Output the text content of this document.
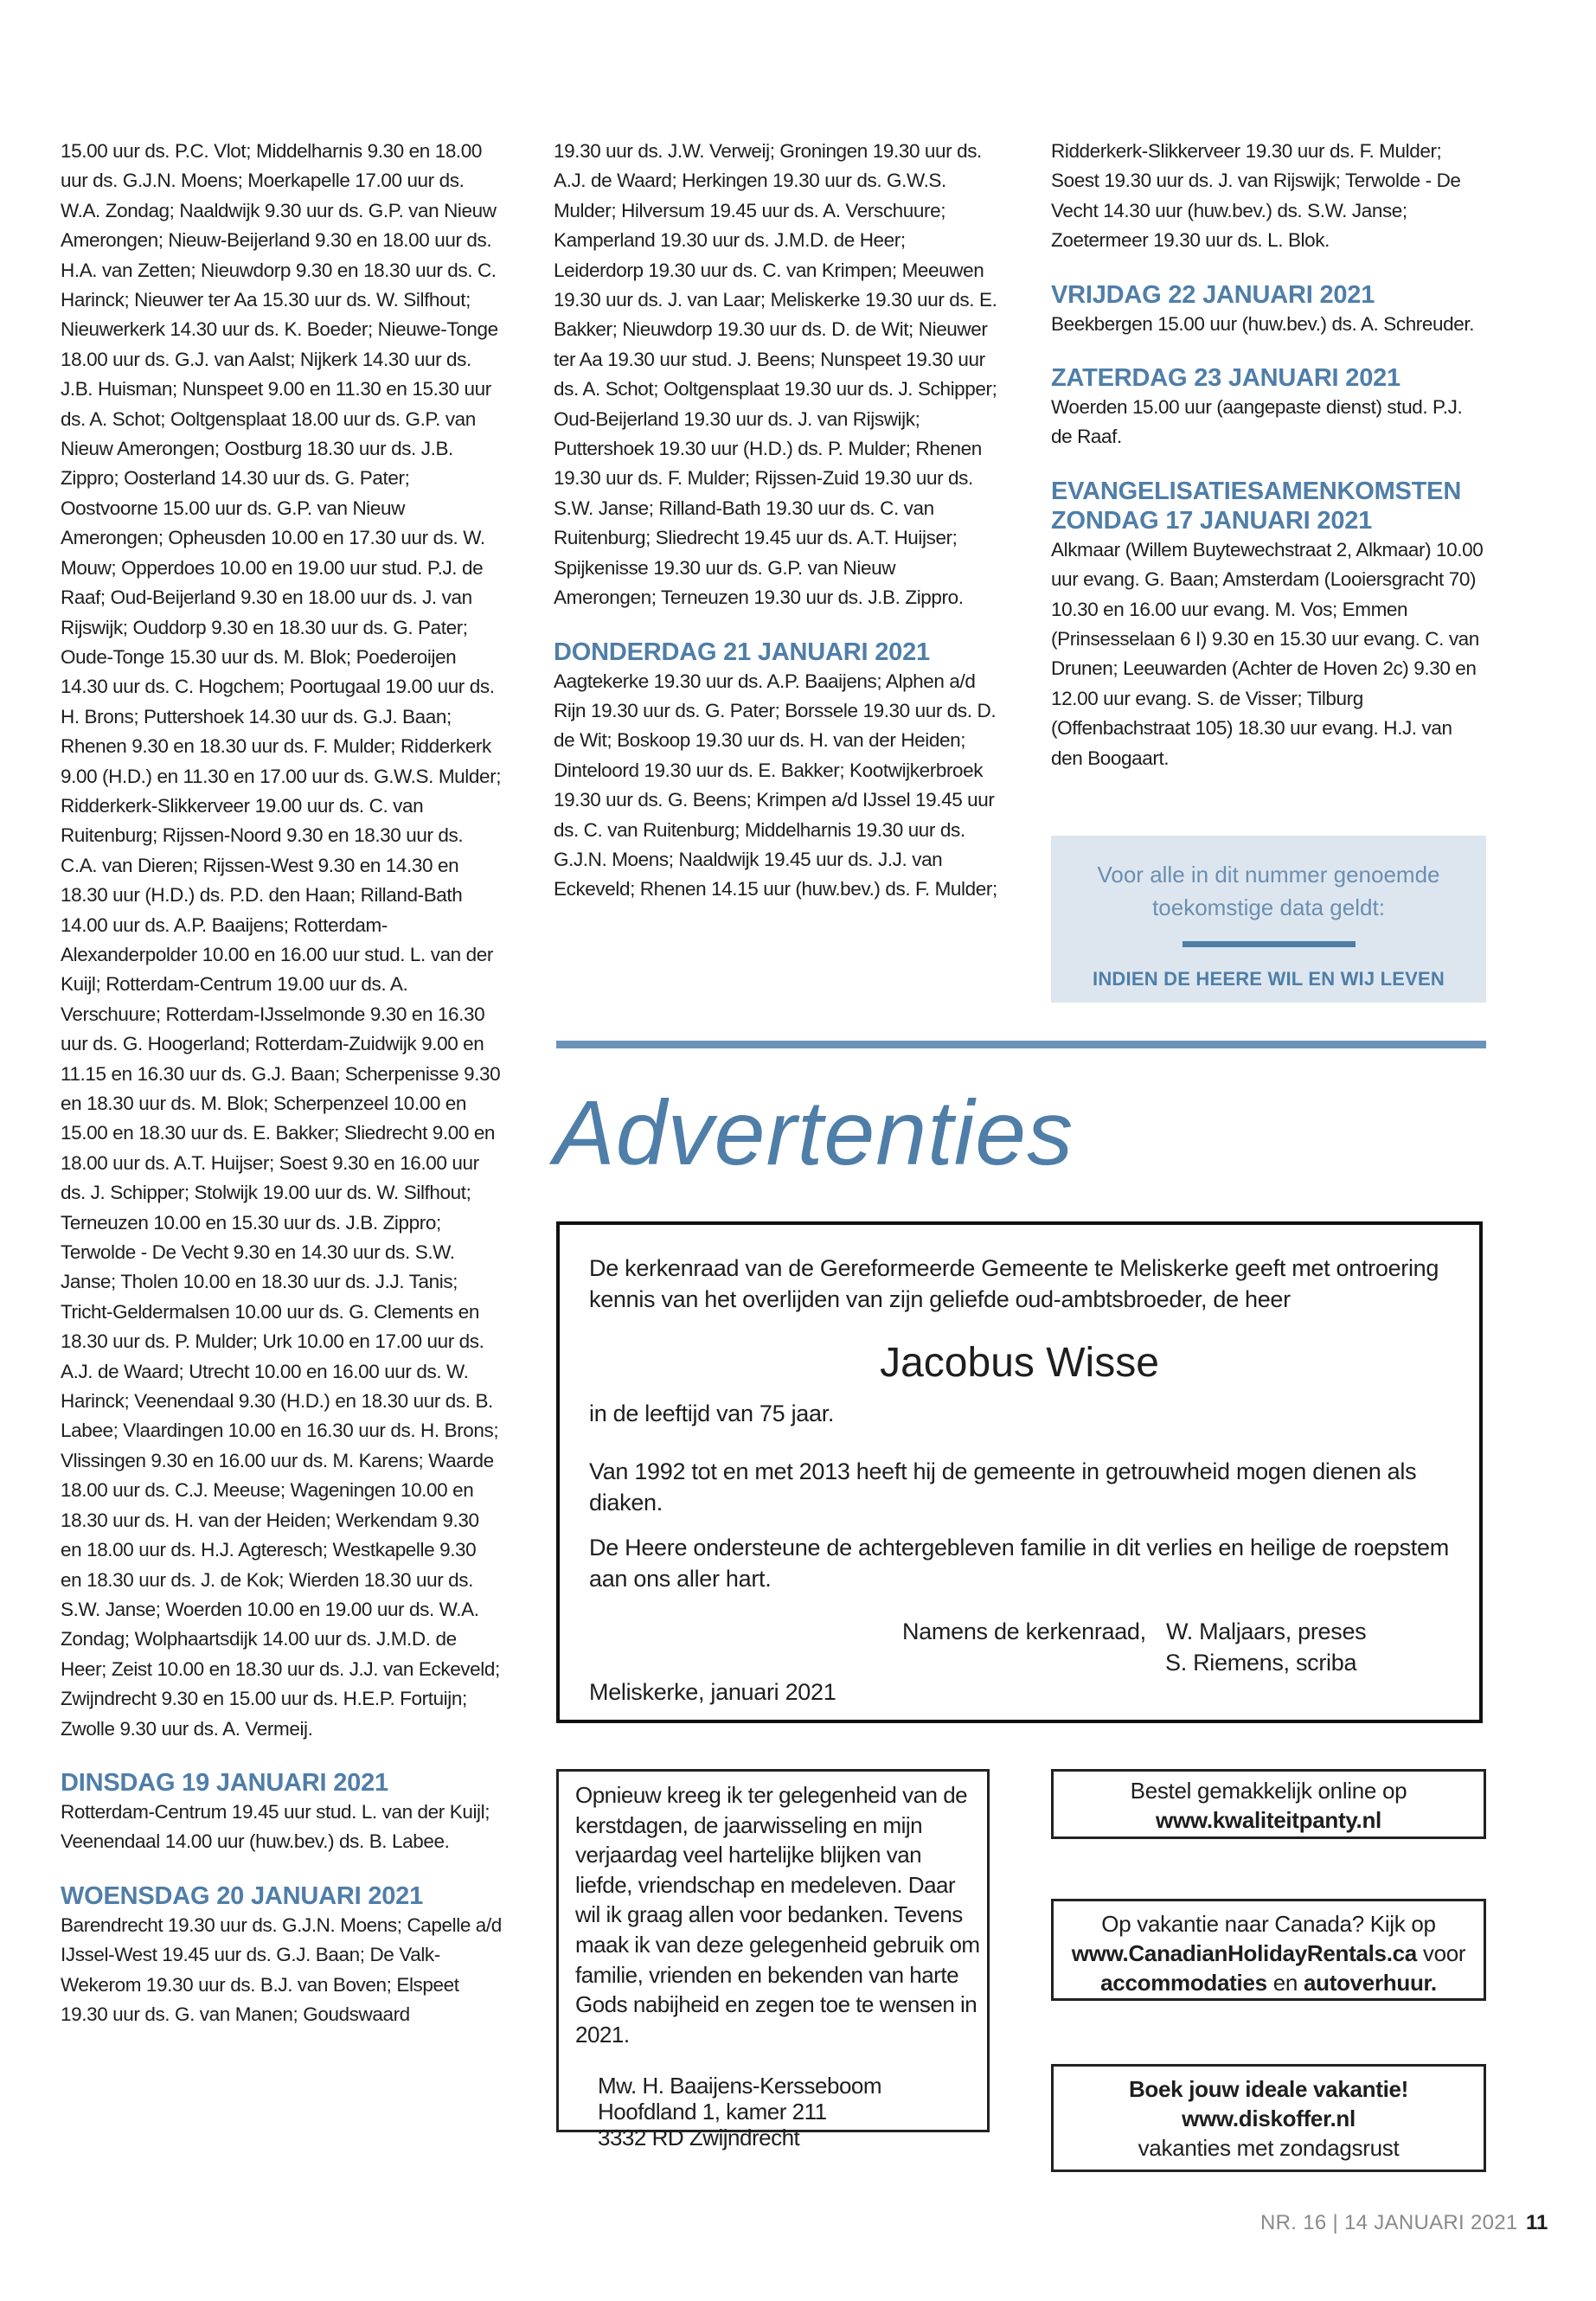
15.00 uur ds. P.C. Vlot; Middelharnis 9.30 en 18.00 uur ds. G.J.N. Moens; Moerkapelle 17.00 uur ds. W.A. Zondag; Naaldwijk 9.30 uur ds. G.P. van Nieuw Amerongen; Nieuw-Beijerland 9.30 en 18.00 uur ds. H.A. van Zetten; Nieuwdorp 9.30 en 18.30 uur ds. C. Harinck; Nieuwer ter Aa 15.30 uur ds. W. Silfhout; Nieuwerkerk 14.30 uur ds. K. Boeder; Nieuwe-Tonge 18.00 uur ds. G.J. van Aalst; Nijkerk 14.30 uur ds. J.B. Huisman; Nunspeet 9.00 en 11.30 en 15.30 uur ds. A. Schot; Ooltgensplaat 18.00 uur ds. G.P. van Nieuw Amerongen; Oostburg 18.30 uur ds. J.B. Zippro; Oosterland 14.30 uur ds. G. Pater; Oostvoorne 15.00 uur ds. G.P. van Nieuw Amerongen; Opheusden 10.00 en 17.30 uur ds. W. Mouw; Opperdoes 10.00 en 19.00 uur stud. P.J. de Raaf; Oud-Beijerland 9.30 en 18.00 uur ds. J. van Rijswijk; Ouddorp 9.30 en 18.30 uur ds. G. Pater; Oude-Tonge 15.30 uur ds. M. Blok; Poederoijen 14.30 uur ds. C. Hogchem; Poortugaal 19.00 uur ds. H. Brons; Puttershoek 14.30 uur ds. G.J. Baan; Rhenen 9.30 en 18.30 uur ds. F. Mulder; Ridderkerk 9.00 (H.D.) en 11.30 en 17.00 uur ds. G.W.S. Mulder; Ridderkerk-Slikkerveer 19.00 uur ds. C. van Ruitenburg; Rijssen-Noord 9.30 en 18.30 uur ds. C.A. van Dieren; Rijssen-West 9.30 en 14.30 en 18.30 uur (H.D.) ds. P.D. den Haan; Rilland-Bath 14.00 uur ds. A.P. Baaijens; Rotterdam-Alexanderpolder 10.00 en 16.00 uur stud. L. van der Kuijl; Rotterdam-Centrum 19.00 uur ds. A. Verschuure; Rotterdam-IJsselmonde 9.30 en 16.30 uur ds. G. Hoogerland; Rotterdam-Zuidwijk 9.00 en 11.15 en 16.30 uur ds. G.J. Baan; Scherpenisse 9.30 en 18.30 uur ds. M. Blok; Scherpenzeel 10.00 en 15.00 en 18.30 uur ds. E. Bakker; Sliedrecht 9.00 en 18.00 uur ds. A.T. Huijser; Soest 9.30 en 16.00 uur ds. J. Schipper; Stolwijk 19.00 uur ds. W. Silfhout; Terneuzen 10.00 en 15.30 uur ds. J.B. Zippro; Terwolde - De Vecht 9.30 en 14.30 uur ds. S.W. Janse; Tholen 10.00 en 18.30 uur ds. J.J. Tanis; Tricht-Geldermalsen 10.00 uur ds. G. Clements en 18.30 uur ds. P. Mulder; Urk 10.00 en 17.00 uur ds. A.J. de Waard; Utrecht 10.00 en 16.00 uur ds. W. Harinck; Veenendaal 9.30 (H.D.) en 18.30 uur ds. B. Labee; Vlaardingen 10.00 en 16.30 uur ds. H. Brons; Vlissingen 9.30 en 16.00 uur ds. M. Karens; Waarde 18.00 uur ds. C.J. Meeuse; Wageningen 10.00 en 18.30 uur ds. H. van der Heiden; Werkendam 9.30 en 18.00 uur ds. H.J. Agteresch; Westkapelle 9.30 en 18.30 uur ds. J. de Kok; Wierden 18.30 uur ds. S.W. Janse; Woerden 10.00 en 19.00 uur ds. W.A. Zondag; Wolphaartsdijk 14.00 uur ds. J.M.D. de Heer; Zeist 10.00 en 18.30 uur ds. J.J. van Eckeveld; Zwijndrecht 9.30 en 15.00 uur ds. H.E.P. Fortuijn; Zwolle 9.30 uur ds. A. Vermeij.

DINSDAG 19 JANUARI 2021

Rotterdam-Centrum 19.45 uur stud. L. van der Kuijl; Veenendaal 14.00 uur (huw.bev.) ds. B. Labee.

WOENSDAG 20 JANUARI 2021

Barendrecht 19.30 uur ds. G.J.N. Moens; Capelle a/d IJssel-West 19.45 uur ds. G.J. Baan; De Valk-Wekerom 19.30 uur ds. B.J. van Boven; Elspeet 19.30 uur ds. G. van Manen; Goudswaard

19.30 uur ds. J.W. Verweij; Groningen 19.30 uur ds. A.J. de Waard; Herkingen 19.30 uur ds. G.W.S. Mulder; Hilversum 19.45 uur ds. A. Verschuure; Kamperland 19.30 uur ds. J.M.D. de Heer; Leiderdorp 19.30 uur ds. C. van Krimpen; Meeuwen 19.30 uur ds. J. van Laar; Meliskerke 19.30 uur ds. E. Bakker; Nieuwdorp 19.30 uur ds. D. de Wit; Nieuwer ter Aa 19.30 uur stud. J. Beens; Nunspeet 19.30 uur ds. A. Schot; Ooltgensplaat 19.30 uur ds. J. Schipper; Oud-Beijerland 19.30 uur ds. J. van Rijswijk; Puttershoek 19.30 uur (H.D.) ds. P. Mulder; Rhenen 19.30 uur ds. F. Mulder; Rijssen-Zuid 19.30 uur ds. S.W. Janse; Rilland-Bath 19.30 uur ds. C. van Ruitenburg; Sliedrecht 19.45 uur ds. A.T. Huijser; Spijkenisse 19.30 uur ds. G.P. van Nieuw Amerongen; Terneuzen 19.30 uur ds. J.B. Zippro.

DONDERDAG 21 JANUARI 2021

Aagtekerke 19.30 uur ds. A.P. Baaijens; Alphen a/d Rijn 19.30 uur ds. G. Pater; Borssele 19.30 uur ds. D. de Wit; Boskoop 19.30 uur ds. H. van der Heiden; Dinteloord 19.30 uur ds. E. Bakker; Kootwijkerbroek 19.30 uur ds. G. Beens; Krimpen a/d IJssel 19.45 uur ds. C. van Ruitenburg; Middelharnis 19.30 uur ds. G.J.N. Moens; Naaldwijk 19.45 uur ds. J.J. van Eckeveld; Rhenen 14.15 uur (huw.bev.) ds. F. Mulder;

Ridderkerk-Slikkerveer 19.30 uur ds. F. Mulder; Soest 19.30 uur ds. J. van Rijswijk; Terwolde - De Vecht 14.30 uur (huw.bev.) ds. S.W. Janse; Zoetermeer 19.30 uur ds. L. Blok.

VRIJDAG 22 JANUARI 2021

Beekbergen 15.00 uur (huw.bev.) ds. A. Schreuder.

ZATERDAG 23 JANUARI 2021

Woerden 15.00 uur (aangepaste dienst) stud. P.J. de Raaf.

EVANGELISATIESAMENKOMSTEN
ZONDAG 17 JANUARI 2021

Alkmaar (Willem Buytewechstraat 2, Alkmaar) 10.00 uur evang. G. Baan; Amsterdam (Looiersgracht 70) 10.30 en 16.00 uur evang. M. Vos; Emmen (Prinsesselaan 6 I) 9.30 en 15.30 uur evang. C. van Drunen; Leeuwarden (Achter de Hoven 2c) 9.30 en 12.00 uur evang. S. de Visser; Tilburg (Offenbachstraat 105) 18.30 uur evang. H.J. van den Boogaart.

Voor alle in dit nummer genoemde
toekomstige data geldt:
INDIEN DE HEERE WIL EN WIJ LEVEN
Advertenties

De kerkenraad van de Gereformeerde Gemeente te Meliskerke geeft met ontroering kennis van het overlijden van zijn geliefde oud-ambtsbroeder, de heer

Jacobus Wisse

in de leeftijd van 75 jaar.

Van 1992 tot en met 2013 heeft hij de gemeente in getrouwheid mogen dienen als diaken.

De Heere ondersteune de achtergebleven familie in dit verlies en heilige de roepstem aan ons aller hart.

Namens de kerkenraad, W. Maljaars, preses

S. Riemens, scriba

Meliskerke, januari 2021

Opnieuw kreeg ik ter gelegenheid van de kerstdagen, de jaarwisseling en mijn verjaardag veel hartelijke blijken van liefde, vriendschap en medeleven. Daar wil ik graag allen voor bedanken. Tevens maak ik van deze gelegenheid gebruik om familie, vrienden en bekenden van harte Gods nabijheid en zegen toe te wensen in 2021.
Mw. H. Baaijens-Kersseboom
Hoofdland 1, kamer 211
3332 RD Zwijndrecht
Bestel gemakkelijk online op
www.kwaliteitpanty.nl
Op vakantie naar Canada? Kijk op
www.CanadianHolidayRentals.ca voor
accommodaties en autoverhuur.
Boek jouw ideale vakantie!
www.diskoffer.nl
vakanties met zondagsrust
NR. 16 | 14 JANUARI 2021 11
